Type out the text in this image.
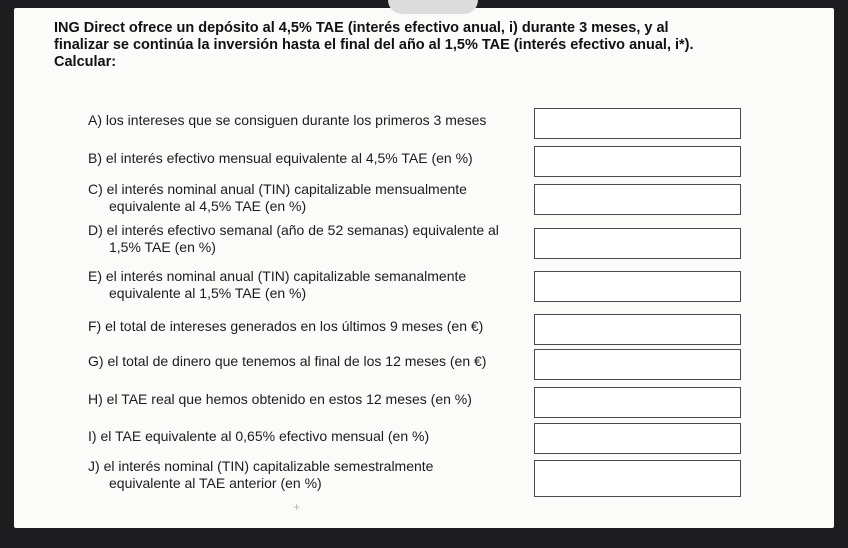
ING Direct ofrece un depósito al 4,5% TAE (interés efectivo anual, i) durante 3 meses, y al
finalizar se continúa la inversión hasta el final del año al 1,5% TAE (interés efectivo anual, i*).
Calcular:
A) los intereses que se consiguen durante los primeros 3 meses
B) el interés efectivo mensual equivalente al 4,5% TAE (en %)
C) el interés nominal anual (TIN) capitalizable mensualmente
equivalente al 4,5% TAE (en %)
D) el interés efectivo semanal (año de 52 semanas) equivalente al
1,5% TAE (en %)
E) el interés nominal anual (TIN) capitalizable semanalmente
equivalente al 1,5% TAE (en %)
F) el total de intereses generados en los últimos 9 meses (en €)
G) el total de dinero que tenemos al final de los 12 meses (en €)
H) el TAE real que hemos obtenido en estos 12 meses (en %)
I) el TAE equivalente al 0,65% efectivo mensual (en %)
J) el interés nominal (TIN) capitalizable semestralmente
equivalente al TAE anterior (en %)
+
